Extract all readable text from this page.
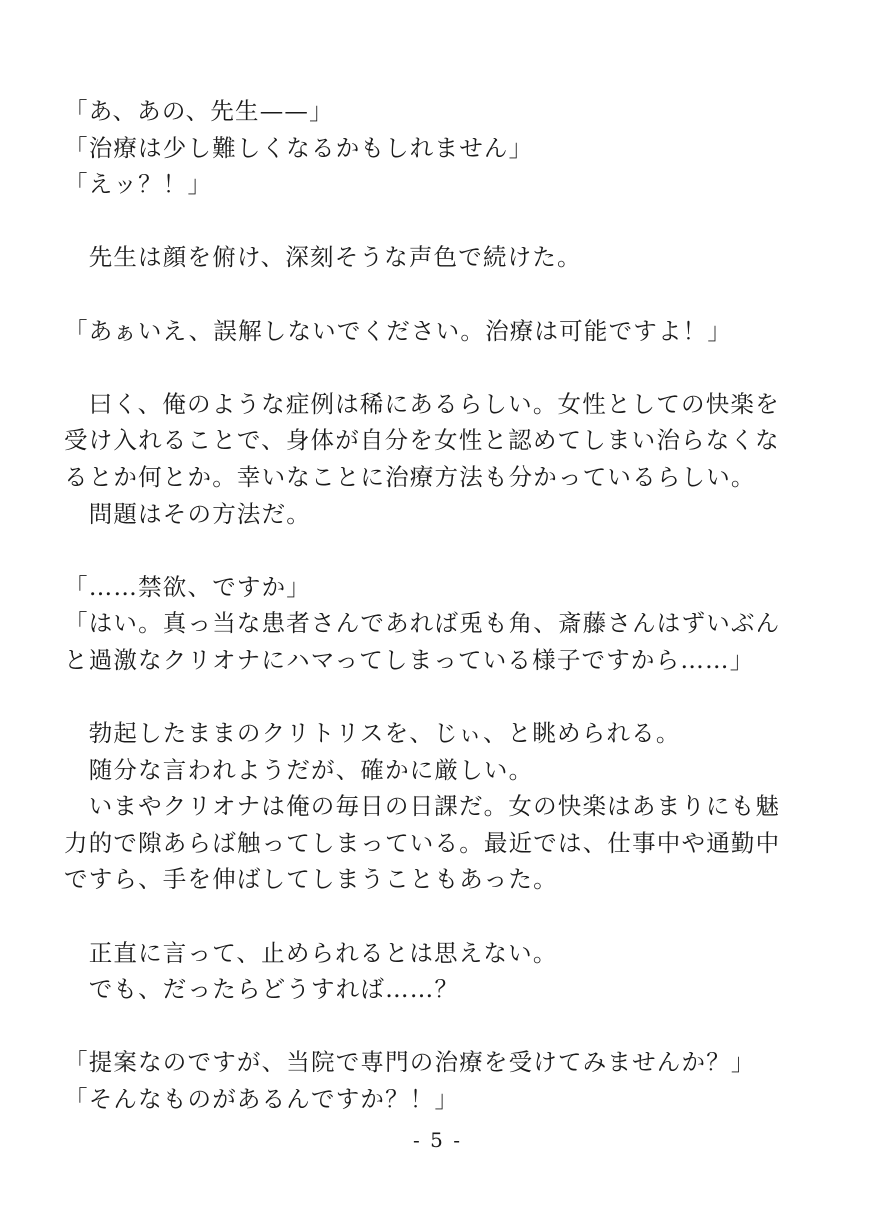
「あ、あの、先生——」
「治療は少し難しくなるかもしれません」
「えッ？！」
　先生は顔を俯け、深刻そうな声色で続けた。
「あぁいえ、誤解しないでください。治療は可能ですよ！」
　曰く、俺のような症例は稀にあるらしい。女性としての快楽を
受け入れることで、身体が自分を女性と認めてしまい治らなくな
るとか何とか。幸いなことに治療方法も分かっているらしい。
　問題はその方法だ。
「……禁欲、ですか」
「はい。真っ当な患者さんであれば兎も角、斎藤さんはずいぶん
と過激なクリオナにハマってしまっている様子ですから……」
　勃起したままのクリトリスを、じぃ、と眺められる。
　随分な言われようだが、確かに厳しい。
　いまやクリオナは俺の毎日の日課だ。女の快楽はあまりにも魅
力的で隙あらば触ってしまっている。最近では、仕事中や通勤中
ですら、手を伸ばしてしまうこともあった。
　正直に言って、止められるとは思えない。
　でも、だったらどうすれば……？
「提案なのですが、当院で専門の治療を受けてみませんか？」
「そんなものがあるんですか？！」
- 5 -
